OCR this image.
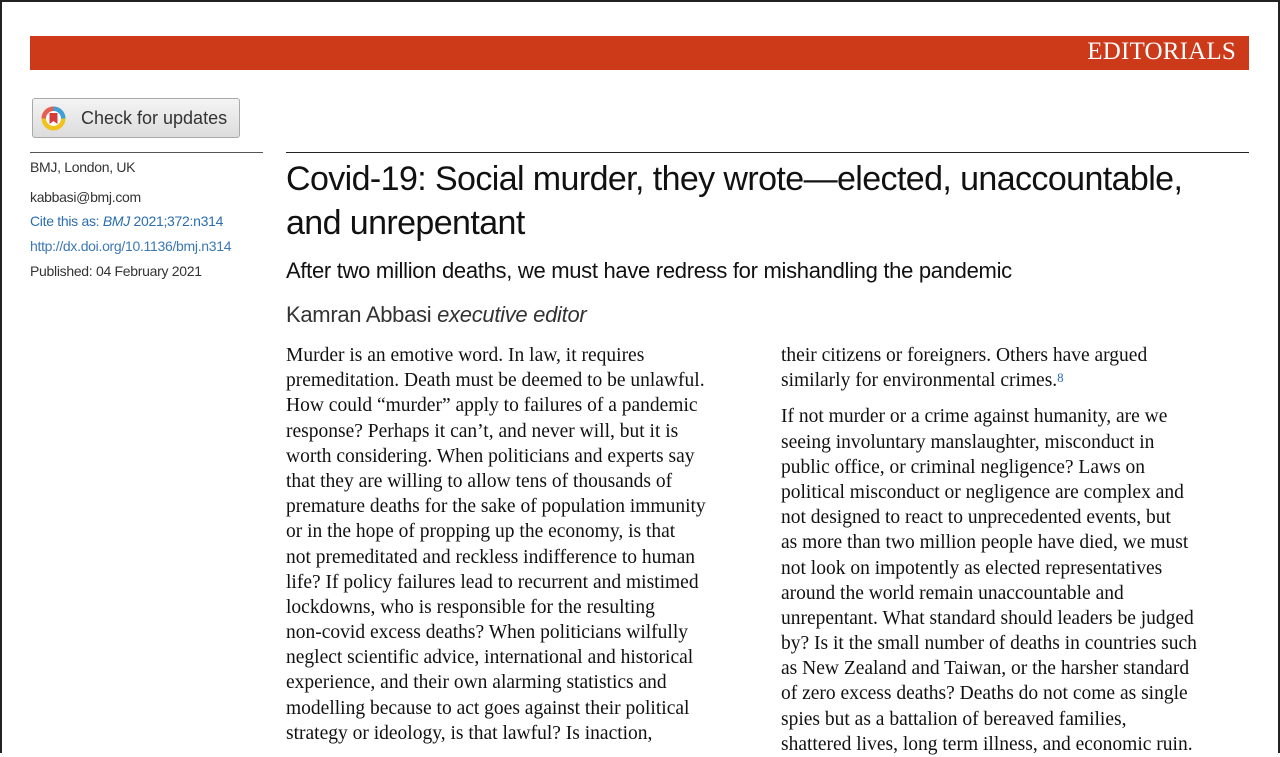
EDITORIALS
Check for updates
BMJ, London, UK
kabbasi@bmj.com
Cite this as: BMJ 2021;372:n314
http://dx.doi.org/10.1136/bmj.n314
Published: 04 February 2021
Covid-19: Social murder, they wrote—elected, unaccountable, and unrepentant
After two million deaths, we must have redress for mishandling the pandemic
Kamran Abbasi executive editor
Murder is an emotive word. In law, it requires
premeditation. Death must be deemed to be unlawful.
How could “murder” apply to failures of a pandemic
response? Perhaps it can’t, and never will, but it is
worth considering. When politicians and experts say
that they are willing to allow tens of thousands of
premature deaths for the sake of population immunity
or in the hope of propping up the economy, is that
not premeditated and reckless indifference to human
life? If policy failures lead to recurrent and mistimed
lockdowns, who is responsible for the resulting
non-covid excess deaths? When politicians wilfully
neglect scientific advice, international and historical
experience, and their own alarming statistics and
modelling because to act goes against their political
strategy or ideology, is that lawful? Is inaction,
their citizens or foreigners. Others have argued
similarly for environmental crimes.$^8$
If not murder or a crime against humanity, are we
seeing involuntary manslaughter, misconduct in
public office, or criminal negligence? Laws on
political misconduct or negligence are complex and
not designed to react to unprecedented events, but
as more than two million people have died, we must
not look on impotently as elected representatives
around the world remain unaccountable and
unrepentant. What standard should leaders be judged
by? Is it the small number of deaths in countries such
as New Zealand and Taiwan, or the harsher standard
of zero excess deaths? Deaths do not come as single
spies but as a battalion of bereaved families,
shattered lives, long term illness, and economic ruin.
